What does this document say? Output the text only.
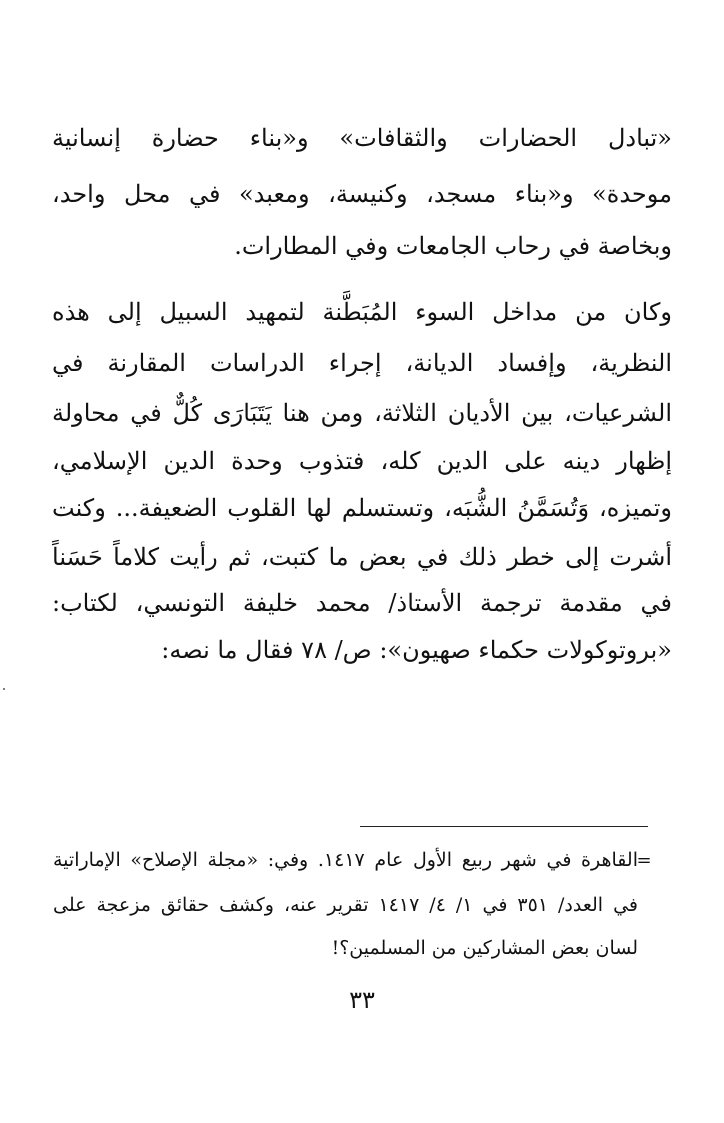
«تبادل الحضارات والثقافات» و«بناء حضارة إنسانية
موحدة» و«بناء مسجد، وكنيسة، ومعبد» في محل واحد،
وبخاصة في رحاب الجامعات وفي المطارات.
وكان من مداخل السوء المُبَطَّنة لتمهيد السبيل إلى هذه
النظرية، وإفساد الديانة، إجراء الدراسات المقارنة في
الشرعيات، بين الأديان الثلاثة، ومن هنا يَتَبَارَى كُلٌّ في محاولة
إظهار دينه على الدين كله، فتذوب وحدة الدين الإسلامي،
وتميزه، وَتُسَمَّنُ الشُّبَه، وتستسلم لها القلوب الضعيفة... وكنت
أشرت إلى خطر ذلك في بعض ما كتبت، ثم رأيت كلاماً حَسَناً
في مقدمة ترجمة الأستاذ/ محمد خليفة التونسي، لكتاب:
«بروتوكولات حكماء صهيون»: ص/ ٧٨ فقال ما نصه:
=
القاهرة في شهر ربيع الأول عام ١٤١٧. وفي: «مجلة الإصلاح» الإماراتية
في العدد/ ٣٥١ في ١/ ٤/ ١٤١٧ تقرير عنه، وكشف حقائق مزعجة على
لسان بعض المشاركين من المسلمين؟!
٣٣
